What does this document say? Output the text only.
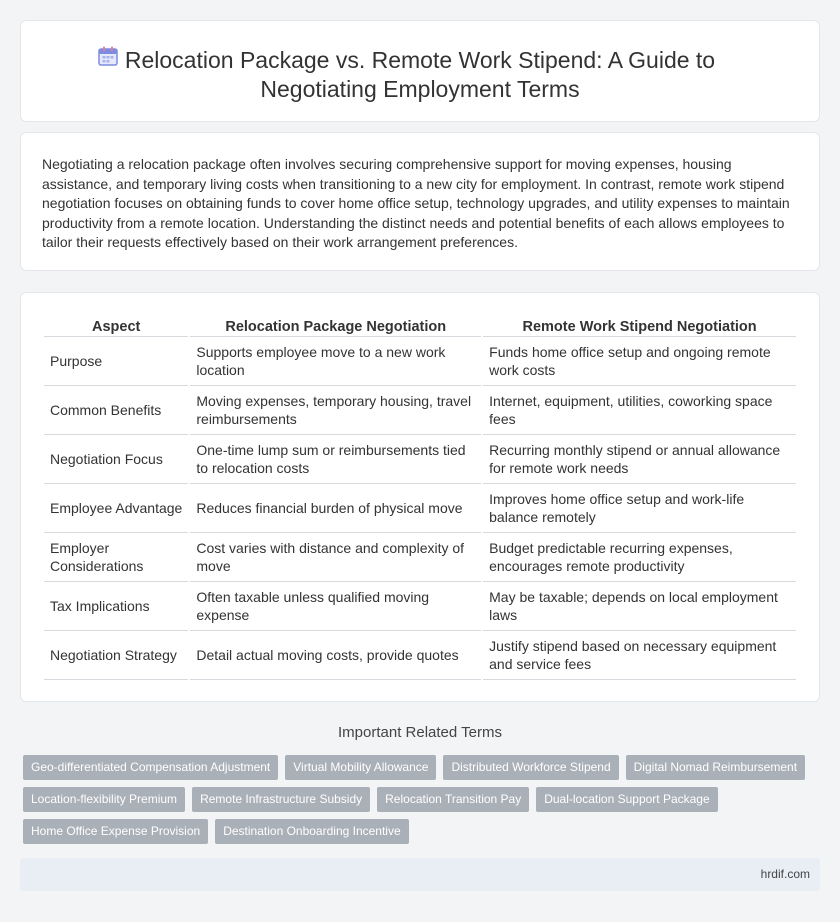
Relocation Package vs. Remote Work Stipend: A Guide to Negotiating Employment Terms

Negotiating a relocation package often involves securing comprehensive support for moving expenses, housing assistance, and temporary living costs when transitioning to a new city for employment. In contrast, remote work stipend negotiation focuses on obtaining funds to cover home office setup, technology upgrades, and utility expenses to maintain productivity from a remote location. Understanding the distinct needs and potential benefits of each allows employees to tailor their requests effectively based on their work arrangement preferences.

Aspect	Relocation Package Negotiation	Remote Work Stipend Negotiation
Purpose	Supports employee move to a new work location	Funds home office setup and ongoing remote work costs
Common Benefits	Moving expenses, temporary housing, travel reimbursements	Internet, equipment, utilities, coworking space fees
Negotiation Focus	One-time lump sum or reimbursements tied to relocation costs	Recurring monthly stipend or annual allowance for remote work needs
Employee Advantage	Reduces financial burden of physical move	Improves home office setup and work-life balance remotely
Employer Considerations	Cost varies with distance and complexity of move	Budget predictable recurring expenses, encourages remote productivity
Tax Implications	Often taxable unless qualified moving expense	May be taxable; depends on local employment laws
Negotiation Strategy	Detail actual moving costs, provide quotes	Justify stipend based on necessary equipment and service fees
Important Related Terms
Geo-differentiated Compensation Adjustment	Virtual Mobility Allowance	Distributed Workforce Stipend	Digital Nomad Reimbursement
Location-flexibility Premium	Remote Infrastructure Subsidy	Relocation Transition Pay	Dual-location Support Package
Home Office Expense Provision	Destination Onboarding Incentive
hrdif.com
